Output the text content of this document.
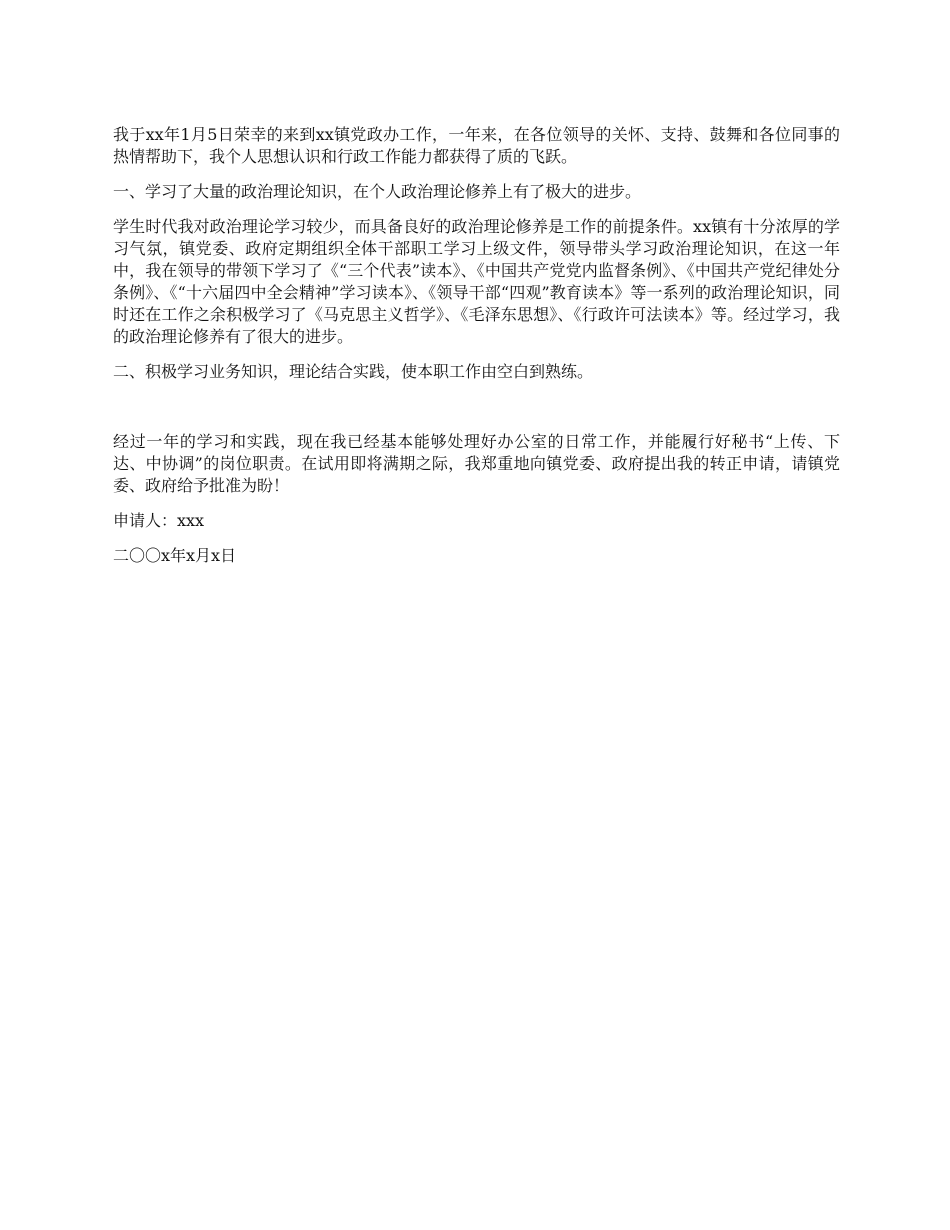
我于xx年1月5日荣幸的来到xx镇党政办工作，一年来，在各位领导的关怀、支持、鼓舞和各位同事的热情帮助下，我个人思想认识和行政工作能力都获得了质的飞跃。

一、学习了大量的政治理论知识，在个人政治理论修养上有了极大的进步。

学生时代我对政治理论学习较少，而具备良好的政治理论修养是工作的前提条件。xx镇有十分浓厚的学习气氛，镇党委、政府定期组织全体干部职工学习上级文件，领导带头学习政治理论知识，在这一年中，我在领导的带领下学习了《“三个代表”读本》、《中国共产党党内监督条例》、《中国共产党纪律处分条例》、《“十六届四中全会精神”学习读本》、《领导干部“四观”教育读本》等一系列的政治理论知识，同时还在工作之余积极学习了《马克思主义哲学》、《毛泽东思想》、《行政许可法读本》等。经过学习，我的政治理论修养有了很大的进步。

二、积极学习业务知识，理论结合实践，使本职工作由空白到熟练。

经过一年的学习和实践，现在我已经基本能够处理好办公室的日常工作，并能履行好秘书“上传、下达、中协调”的岗位职责。在试用即将满期之际，我郑重地向镇党委、政府提出我的转正申请，请镇党委、政府给予批准为盼！

申请人：xxx

二〇〇x年x月x日
